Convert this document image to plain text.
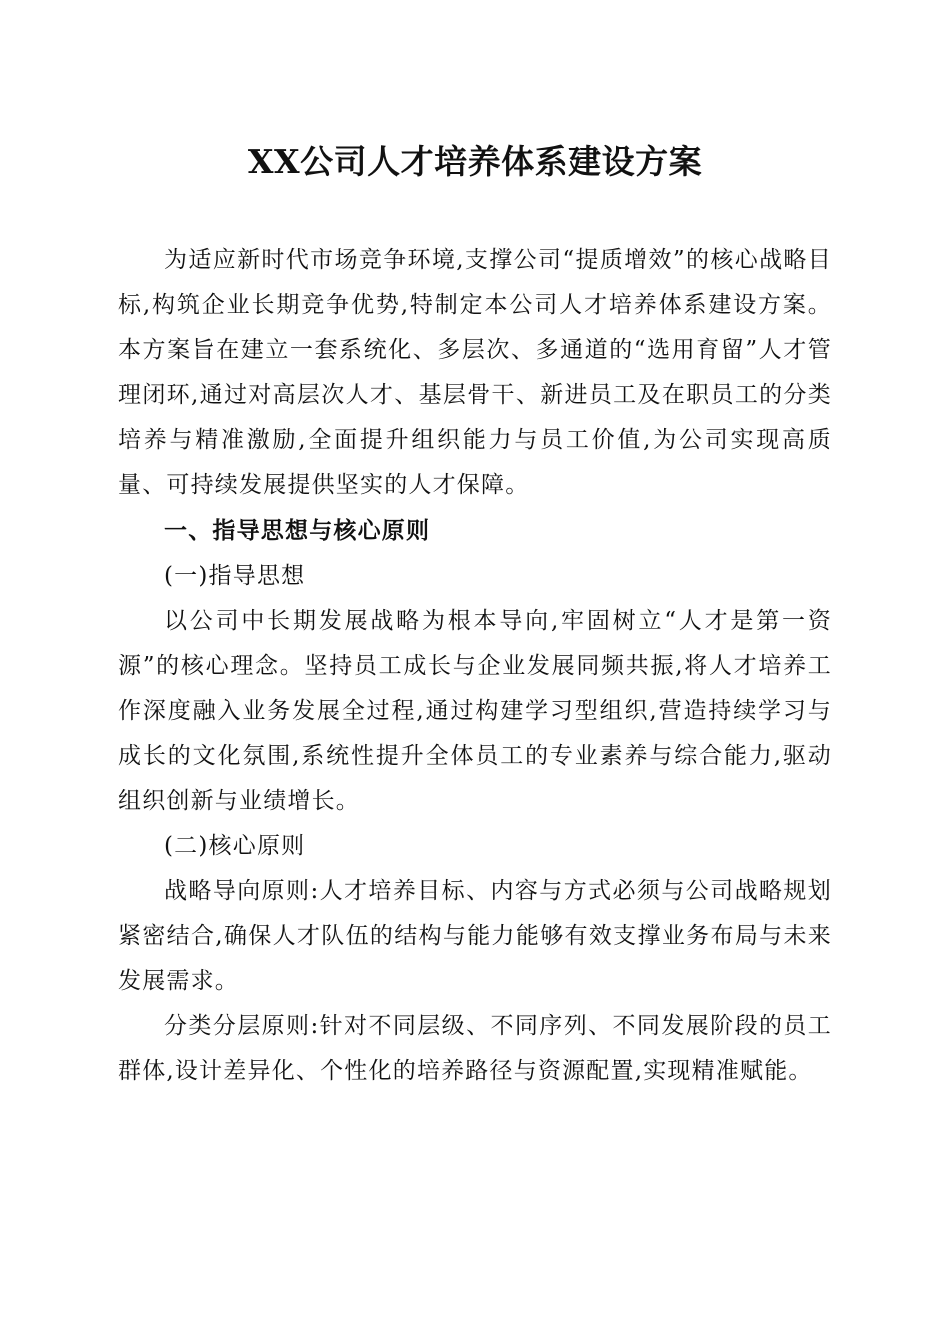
XX公司人才培养体系建设方案

为适应新时代市场竞争环境,支撑公司“提质增效”的核心战略目标,构筑企业长期竞争优势,特制定本公司人才培养体系建设方案。本方案旨在建立一套系统化、多层次、多通道的“选用育留”人才管理闭环,通过对高层次人才、基层骨干、新进员工及在职员工的分类培养与精准激励,全面提升组织能力与员工价值,为公司实现高质量、可持续发展提供坚实的人才保障。

一、指导思想与核心原则

(一)指导思想

以公司中长期发展战略为根本导向,牢固树立“人才是第一资源”的核心理念。坚持员工成长与企业发展同频共振,将人才培养工作深度融入业务发展全过程,通过构建学习型组织,营造持续学习与成长的文化氛围,系统性提升全体员工的专业素养与综合能力,驱动组织创新与业绩增长。

(二)核心原则

战略导向原则:人才培养目标、内容与方式必须与公司战略规划紧密结合,确保人才队伍的结构与能力能够有效支撑业务布局与未来发展需求。

分类分层原则:针对不同层级、不同序列、不同发展阶段的员工群体,设计差异化、个性化的培养路径与资源配置,实现精准赋能。
